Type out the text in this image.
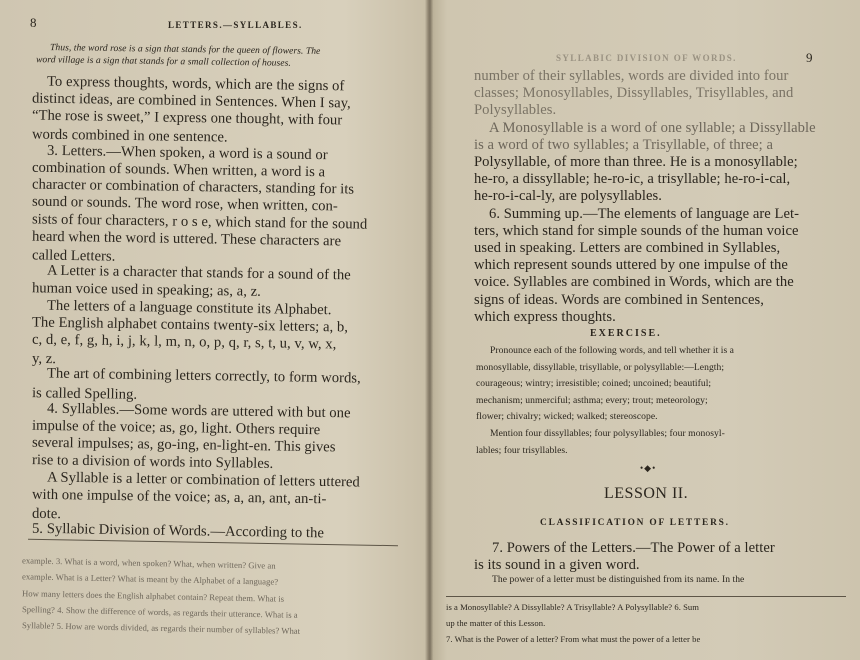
8	LETTERS.—SYLLABLES.
Thus, the word rose is a sign that stands for the queen of flowers. The
word village is a sign that stands for a small collection of houses.
To express thoughts, words, which are the signs of
distinct ideas, are combined in Sentences. When I say,
“The rose is sweet,” I express one thought, with four
words combined in one sentence.
3. Letters.—When spoken, a word is a sound or
combination of sounds. When written, a word is a
character or combination of characters, standing for its
sound or sounds. The word rose, when written, con-
sists of four characters, r o s e, which stand for the sound
heard when the word is uttered. These characters are
called Letters.
A Letter is a character that stands for a sound of the
human voice used in speaking; as, a, z.
The letters of a language constitute its Alphabet.
The English alphabet contains twenty-six letters; a, b,
c, d, e, f, g, h, i, j, k, l, m, n, o, p, q, r, s, t, u, v, w, x,
y, z.
The art of combining letters correctly, to form words,
is called Spelling.
4. Syllables.—Some words are uttered with but one
impulse of the voice; as, go, light. Others require
several impulses; as, go-ing, en-light-en. This gives
rise to a division of words into Syllables.
A Syllable is a letter or combination of letters uttered
with one impulse of the voice; as, a, an, ant, an-ti-
dote.
5. Syllabic Division of Words.—According to the
example. 3. What is a word, when spoken? What, when written? Give an
example. What is a Letter? What is meant by the Alphabet of a language?
How many letters does the English alphabet contain? Repeat them. What is
Spelling? 4. Show the difference of words, as regards their utterance. What is a
Syllable? 5. How are words divided, as regards their number of syllables? What
SYLLABIC DIVISION OF WORDS.	9
number of their syllables, words are divided into four
classes; Monosyllables, Dissyllables, Trisyllables, and
Polysyllables.
A Monosyllable is a word of one syllable; a Dissyllable
is a word of two syllables; a Trisyllable, of three; a
Polysyllable, of more than three. He is a monosyllable;
he-ro, a dissyllable; he-ro-ic, a trisyllable; he-ro-i-cal,
he-ro-i-cal-ly, are polysyllables.
6. Summing up.—The elements of language are Let-
ters, which stand for simple sounds of the human voice
used in speaking. Letters are combined in Syllables,
which represent sounds uttered by one impulse of the
voice. Syllables are combined in Words, which are the
signs of ideas. Words are combined in Sentences,
which express thoughts.
EXERCISE.
Pronounce each of the following words, and tell whether it is a
monosyllable, dissyllable, trisyllable, or polysyllable:—Length;
courageous; wintry; irresistible; coined; uncoined; beautiful;
mechanism; unmerciful; asthma; every; trout; meteorology;
flower; chivalry; wicked; walked; stereoscope.
Mention four dissyllables; four polysyllables; four monosyl-
lables; four trisyllables.
•◆•
LESSON II.
CLASSIFICATION OF LETTERS.
7. Powers of the Letters.—The Power of a letter
is its sound in a given word.
The power of a letter must be distinguished from its name. In the
is a Monosyllable? A Dissyllable? A Trisyllable? A Polysyllable? 6. Sum
up the matter of this Lesson.
7. What is the Power of a letter? From what must the power of a letter be
